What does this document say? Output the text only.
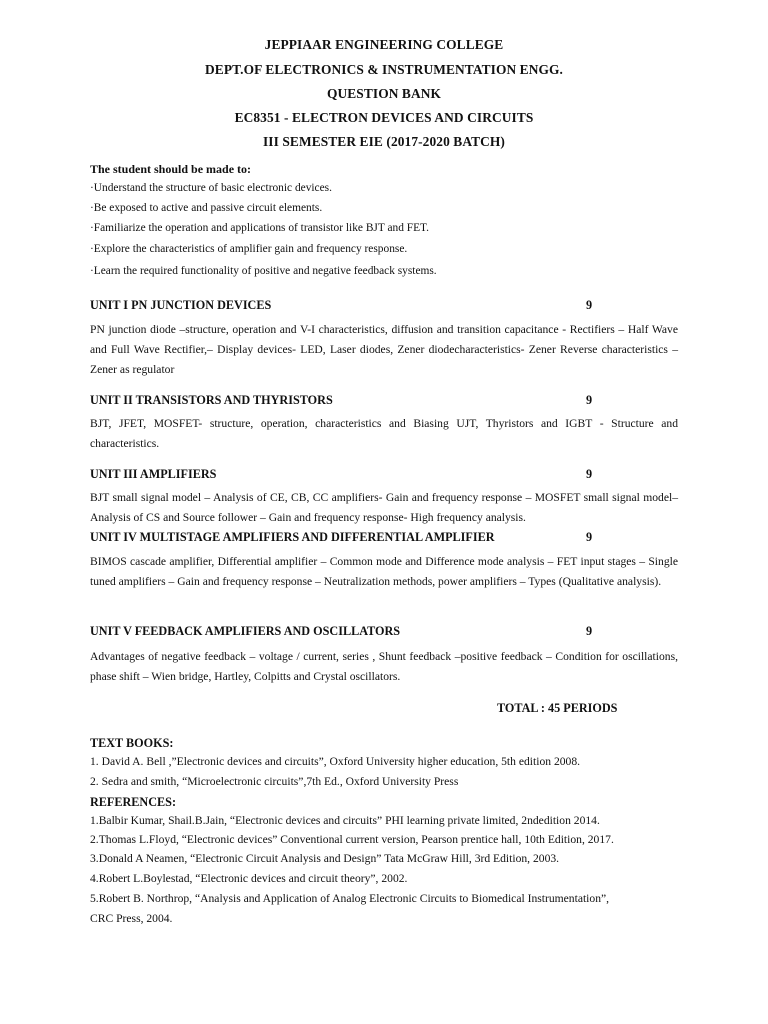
JEPPIAAR ENGINEERING COLLEGE
DEPT.OF ELECTRONICS & INSTRUMENTATION ENGG.
QUESTION BANK
EC8351 - ELECTRON DEVICES AND CIRCUITS
III SEMESTER EIE (2017-2020 BATCH)
The student should be made to:
·Understand the structure of basic electronic devices.
·Be exposed to active and passive circuit elements.
·Familiarize the operation and applications of transistor like BJT and FET.
·Explore the characteristics of amplifier gain and frequency response.
·Learn the required functionality of positive and negative feedback systems.
UNIT I PN JUNCTION DEVICES	9
PN junction diode –structure, operation and V-I characteristics, diffusion and transition capacitance - Rectifiers – Half Wave and Full Wave Rectifier,– Display devices- LED, Laser diodes, Zener diodecharacteristics- Zener Reverse characteristics – Zener as regulator
UNIT II TRANSISTORS AND THYRISTORS	9
BJT, JFET, MOSFET- structure, operation, characteristics and Biasing UJT, Thyristors and IGBT - Structure and characteristics.
UNIT III AMPLIFIERS	9
BJT small signal model – Analysis of CE, CB, CC amplifiers- Gain and frequency response – MOSFET small signal model– Analysis of CS and Source follower – Gain and frequency response- High frequency analysis.
UNIT IV MULTISTAGE AMPLIFIERS AND DIFFERENTIAL AMPLIFIER	9
BIMOS cascade amplifier, Differential amplifier – Common mode and Difference mode analysis – FET input stages – Single tuned amplifiers – Gain and frequency response – Neutralization methods, power amplifiers – Types (Qualitative analysis).
UNIT V FEEDBACK AMPLIFIERS AND OSCILLATORS	9
Advantages of negative feedback – voltage / current, series , Shunt feedback –positive feedback – Condition for oscillations, phase shift – Wien bridge, Hartley, Colpitts and Crystal oscillators.
TOTAL : 45 PERIODS
TEXT BOOKS:
1. David A. Bell ,”Electronic devices and circuits”, Oxford University higher education, 5th edition 2008.
2. Sedra and smith, “Microelectronic circuits”,7th Ed., Oxford University Press
REFERENCES:
1.Balbir Kumar, Shail.B.Jain, “Electronic devices and circuits” PHI learning private limited, 2ndedition 2014.
2.Thomas L.Floyd, “Electronic devices” Conventional current version, Pearson prentice hall, 10th Edition, 2017.
3.Donald A Neamen, “Electronic Circuit Analysis and Design” Tata McGraw Hill, 3rd Edition, 2003.
4.Robert L.Boylestad, “Electronic devices and circuit theory”, 2002.
5.Robert B. Northrop, “Analysis and Application of Analog Electronic Circuits to Biomedical Instrumentation”,
CRC Press, 2004.
